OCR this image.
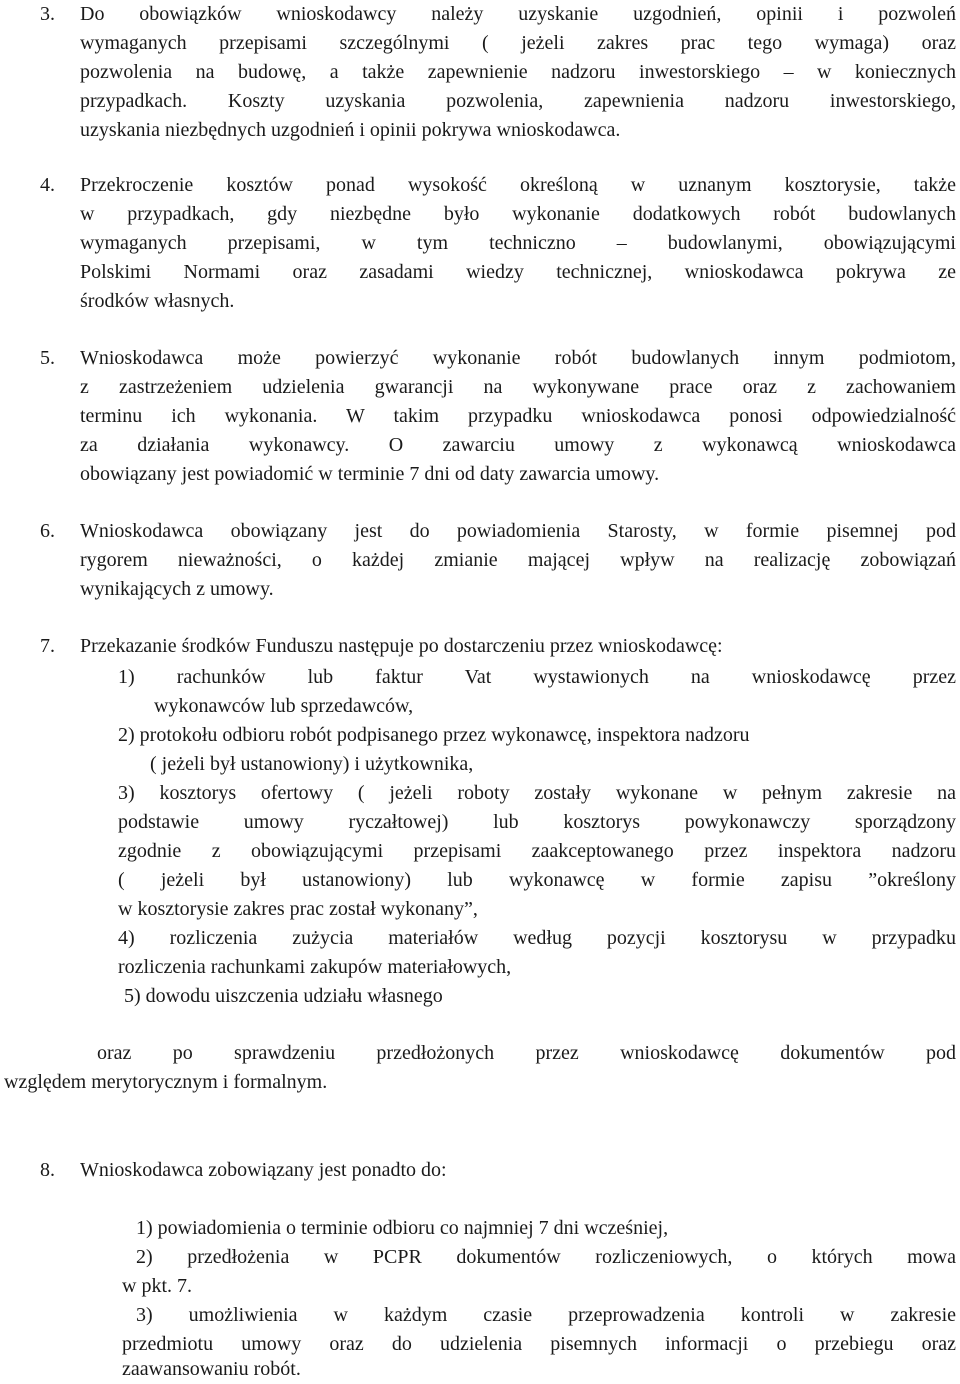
3. Do obowiązków wnioskodawcy należy uzyskanie uzgodnień, opinii i pozwoleń
wymaganych przepisami szczególnymi ( jeżeli zakres prac tego wymaga) oraz
pozwolenia na budowę, a także zapewnienie nadzoru inwestorskiego – w koniecznych
przypadkach. Koszty uzyskania pozwolenia, zapewnienia nadzoru inwestorskiego,
uzyskania niezbędnych uzgodnień i opinii pokrywa wnioskodawca.
4. Przekroczenie kosztów ponad wysokość określoną w uznanym kosztorysie, także
w przypadkach, gdy niezbędne było wykonanie dodatkowych robót budowlanych
wymaganych przepisami, w tym techniczno – budowlanymi, obowiązującymi
Polskimi Normami oraz zasadami wiedzy technicznej, wnioskodawca pokrywa ze
środków własnych.
5. Wnioskodawca może powierzyć wykonanie robót budowlanych innym podmiotom,
z zastrzeżeniem udzielenia gwarancji na wykonywane prace oraz z zachowaniem
terminu ich wykonania. W takim przypadku wnioskodawca ponosi odpowiedzialność
za działania wykonawcy. O zawarciu umowy z wykonawcą wnioskodawca
obowiązany jest powiadomić w terminie 7 dni od daty zawarcia umowy.
6. Wnioskodawca obowiązany jest do powiadomienia Starosty, w formie pisemnej pod
rygorem nieważności, o każdej zmianie mającej wpływ na realizację zobowiązań
wynikających z umowy.
7. Przekazanie środków Funduszu następuje po dostarczeniu przez wnioskodawcę:
1) rachunków lub faktur Vat wystawionych na wnioskodawcę przez
wykonawców lub sprzedawców,
2) protokołu odbioru robót podpisanego przez wykonawcę, inspektora nadzoru
( jeżeli był ustanowiony) i użytkownika,
3) kosztorys ofertowy ( jeżeli roboty zostały wykonane w pełnym zakresie na
podstawie umowy ryczałtowej) lub kosztorys powykonawczy sporządzony
zgodnie z obowiązującymi przepisami zaakceptowanego przez inspektora nadzoru
( jeżeli był ustanowiony) lub wykonawcę w formie zapisu ”określony
w kosztorysie zakres prac został wykonany”,
4) rozliczenia zużycia materiałów według pozycji kosztorysu w przypadku
rozliczenia rachunkami zakupów materiałowych,
5) dowodu uiszczenia udziału własnego
oraz po sprawdzeniu przedłożonych przez wnioskodawcę dokumentów pod
względem merytorycznym i formalnym.
8. Wnioskodawca zobowiązany jest ponadto do:
1) powiadomienia o terminie odbioru co najmniej 7 dni wcześniej,
2) przedłożenia w PCPR dokumentów rozliczeniowych, o których mowa
w pkt. 7.
3) umożliwienia w każdym czasie przeprowadzenia kontroli w zakresie
przedmiotu umowy oraz do udzielenia pisemnych informacji o przebiegu oraz
zaawansowaniu robót.
